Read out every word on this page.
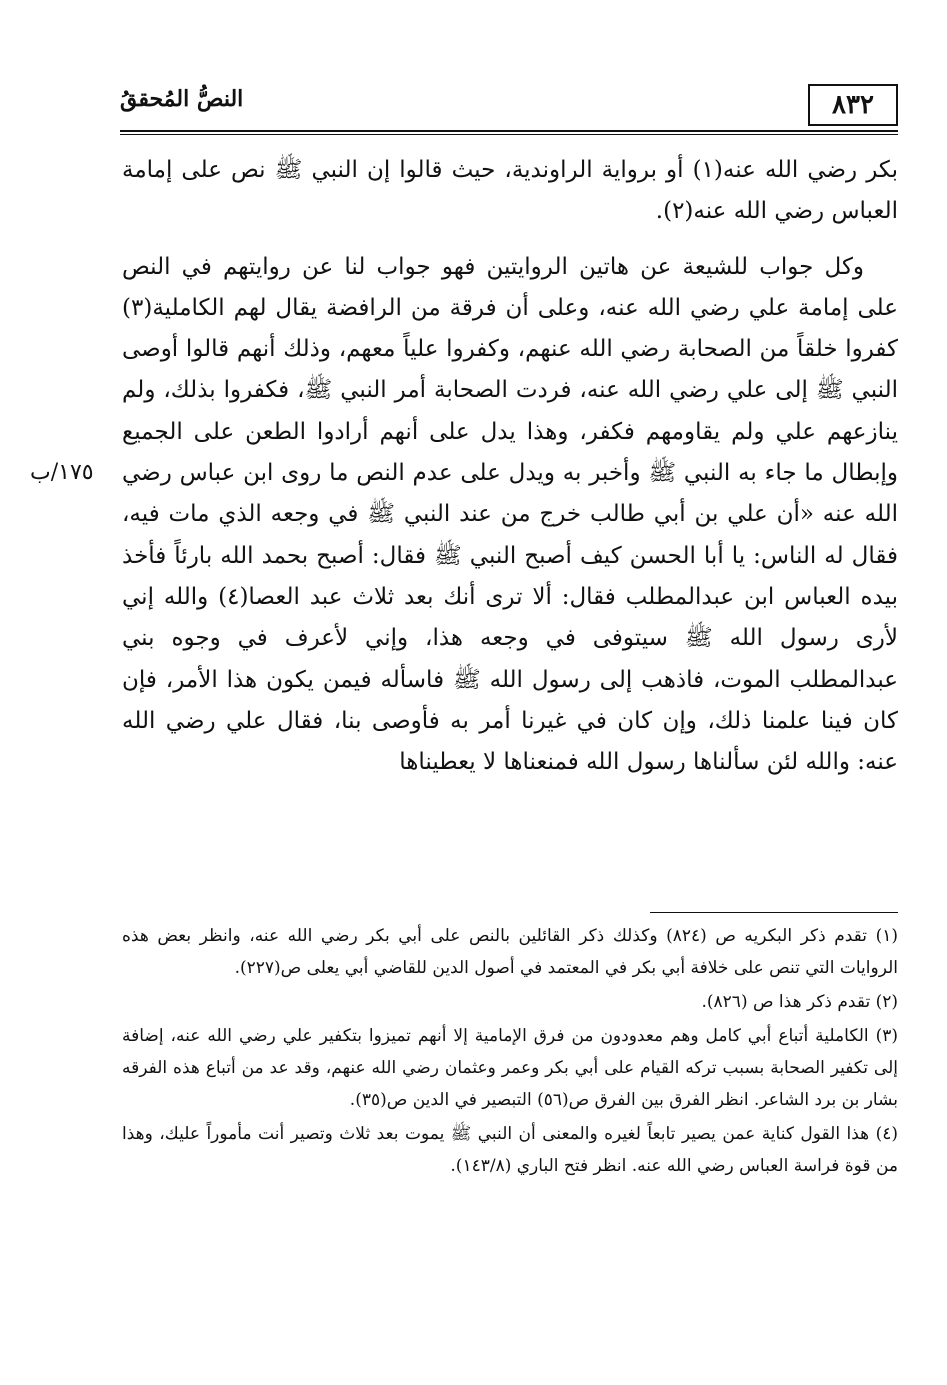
٨٣٢
النصُّ المُحققُ
١٧٥/ب

بكر رضي الله عنه(١) أو برواية الراوندية، حيث قالوا إن النبي ﷺ نص على إمامة العباس رضي الله عنه(٢).

وكل جواب للشيعة عن هاتين الروايتين فهو جواب لنا عن روايتهم في النص على إمامة علي رضي الله عنه، وعلى أن فرقة من الرافضة يقال لهم الكاملية(٣) كفروا خلقاً من الصحابة رضي الله عنهم، وكفروا علياً معهم، وذلك أنهم قالوا أوصى النبي ﷺ إلى علي رضي الله عنه، فردت الصحابة أمر النبي ﷺ، فكفروا بذلك، ولم ينازعهم علي ولم يقاومهم فكفر، وهذا يدل على أنهم أرادوا الطعن على الجميع وإبطال ما جاء به النبي ﷺ وأخبر به ويدل على عدم النص ما روى ابن عباس رضي الله عنه «أن علي بن أبي طالب خرج من عند النبي ﷺ في وجعه الذي مات فيه، فقال له الناس: يا أبا الحسن كيف أصبح النبي ﷺ فقال: أصبح بحمد الله بارئاً فأخذ بيده العباس ابن عبدالمطلب فقال: ألا ترى أنك بعد ثلاث عبد العصا(٤) والله إني لأرى رسول الله ﷺ سيتوفى في وجعه هذا، وإني لأعرف في وجوه بني عبدالمطلب الموت، فاذهب إلى رسول الله ﷺ فاسأله فيمن يكون هذا الأمر، فإن كان فينا علمنا ذلك، وإن كان في غيرنا أمر به فأوصى بنا، فقال علي رضي الله عنه: والله لئن سألناها رسول الله فمنعناها لا يعطيناها

(١) تقدم ذكر البكريه ص (٨٢٤) وكذلك ذكر القائلين بالنص على أبي بكر رضي الله عنه، وانظر بعض هذه الروايات التي تنص على خلافة أبي بكر في المعتمد في أصول الدين للقاضي أبي يعلى ص(٢٢٧).

(٢) تقدم ذكر هذا ص (٨٢٦).

(٣) الكاملية أتباع أبي كامل وهم معدودون من فرق الإمامية إلا أنهم تميزوا بتكفير علي رضي الله عنه، إضافة إلى تكفير الصحابة بسبب تركه القيام على أبي بكر وعمر وعثمان رضي الله عنهم، وقد عد من أتباع هذه الفرقه بشار بن برد الشاعر. انظر الفرق بين الفرق ص(٥٦) التبصير في الدين ص(٣٥).

(٤) هذا القول كناية عمن يصير تابعاً لغيره والمعنى أن النبي ﷺ يموت بعد ثلاث وتصير أنت مأموراً عليك، وهذا من قوة فراسة العباس رضي الله عنه. انظر فتح الباري (١٤٣/٨).
